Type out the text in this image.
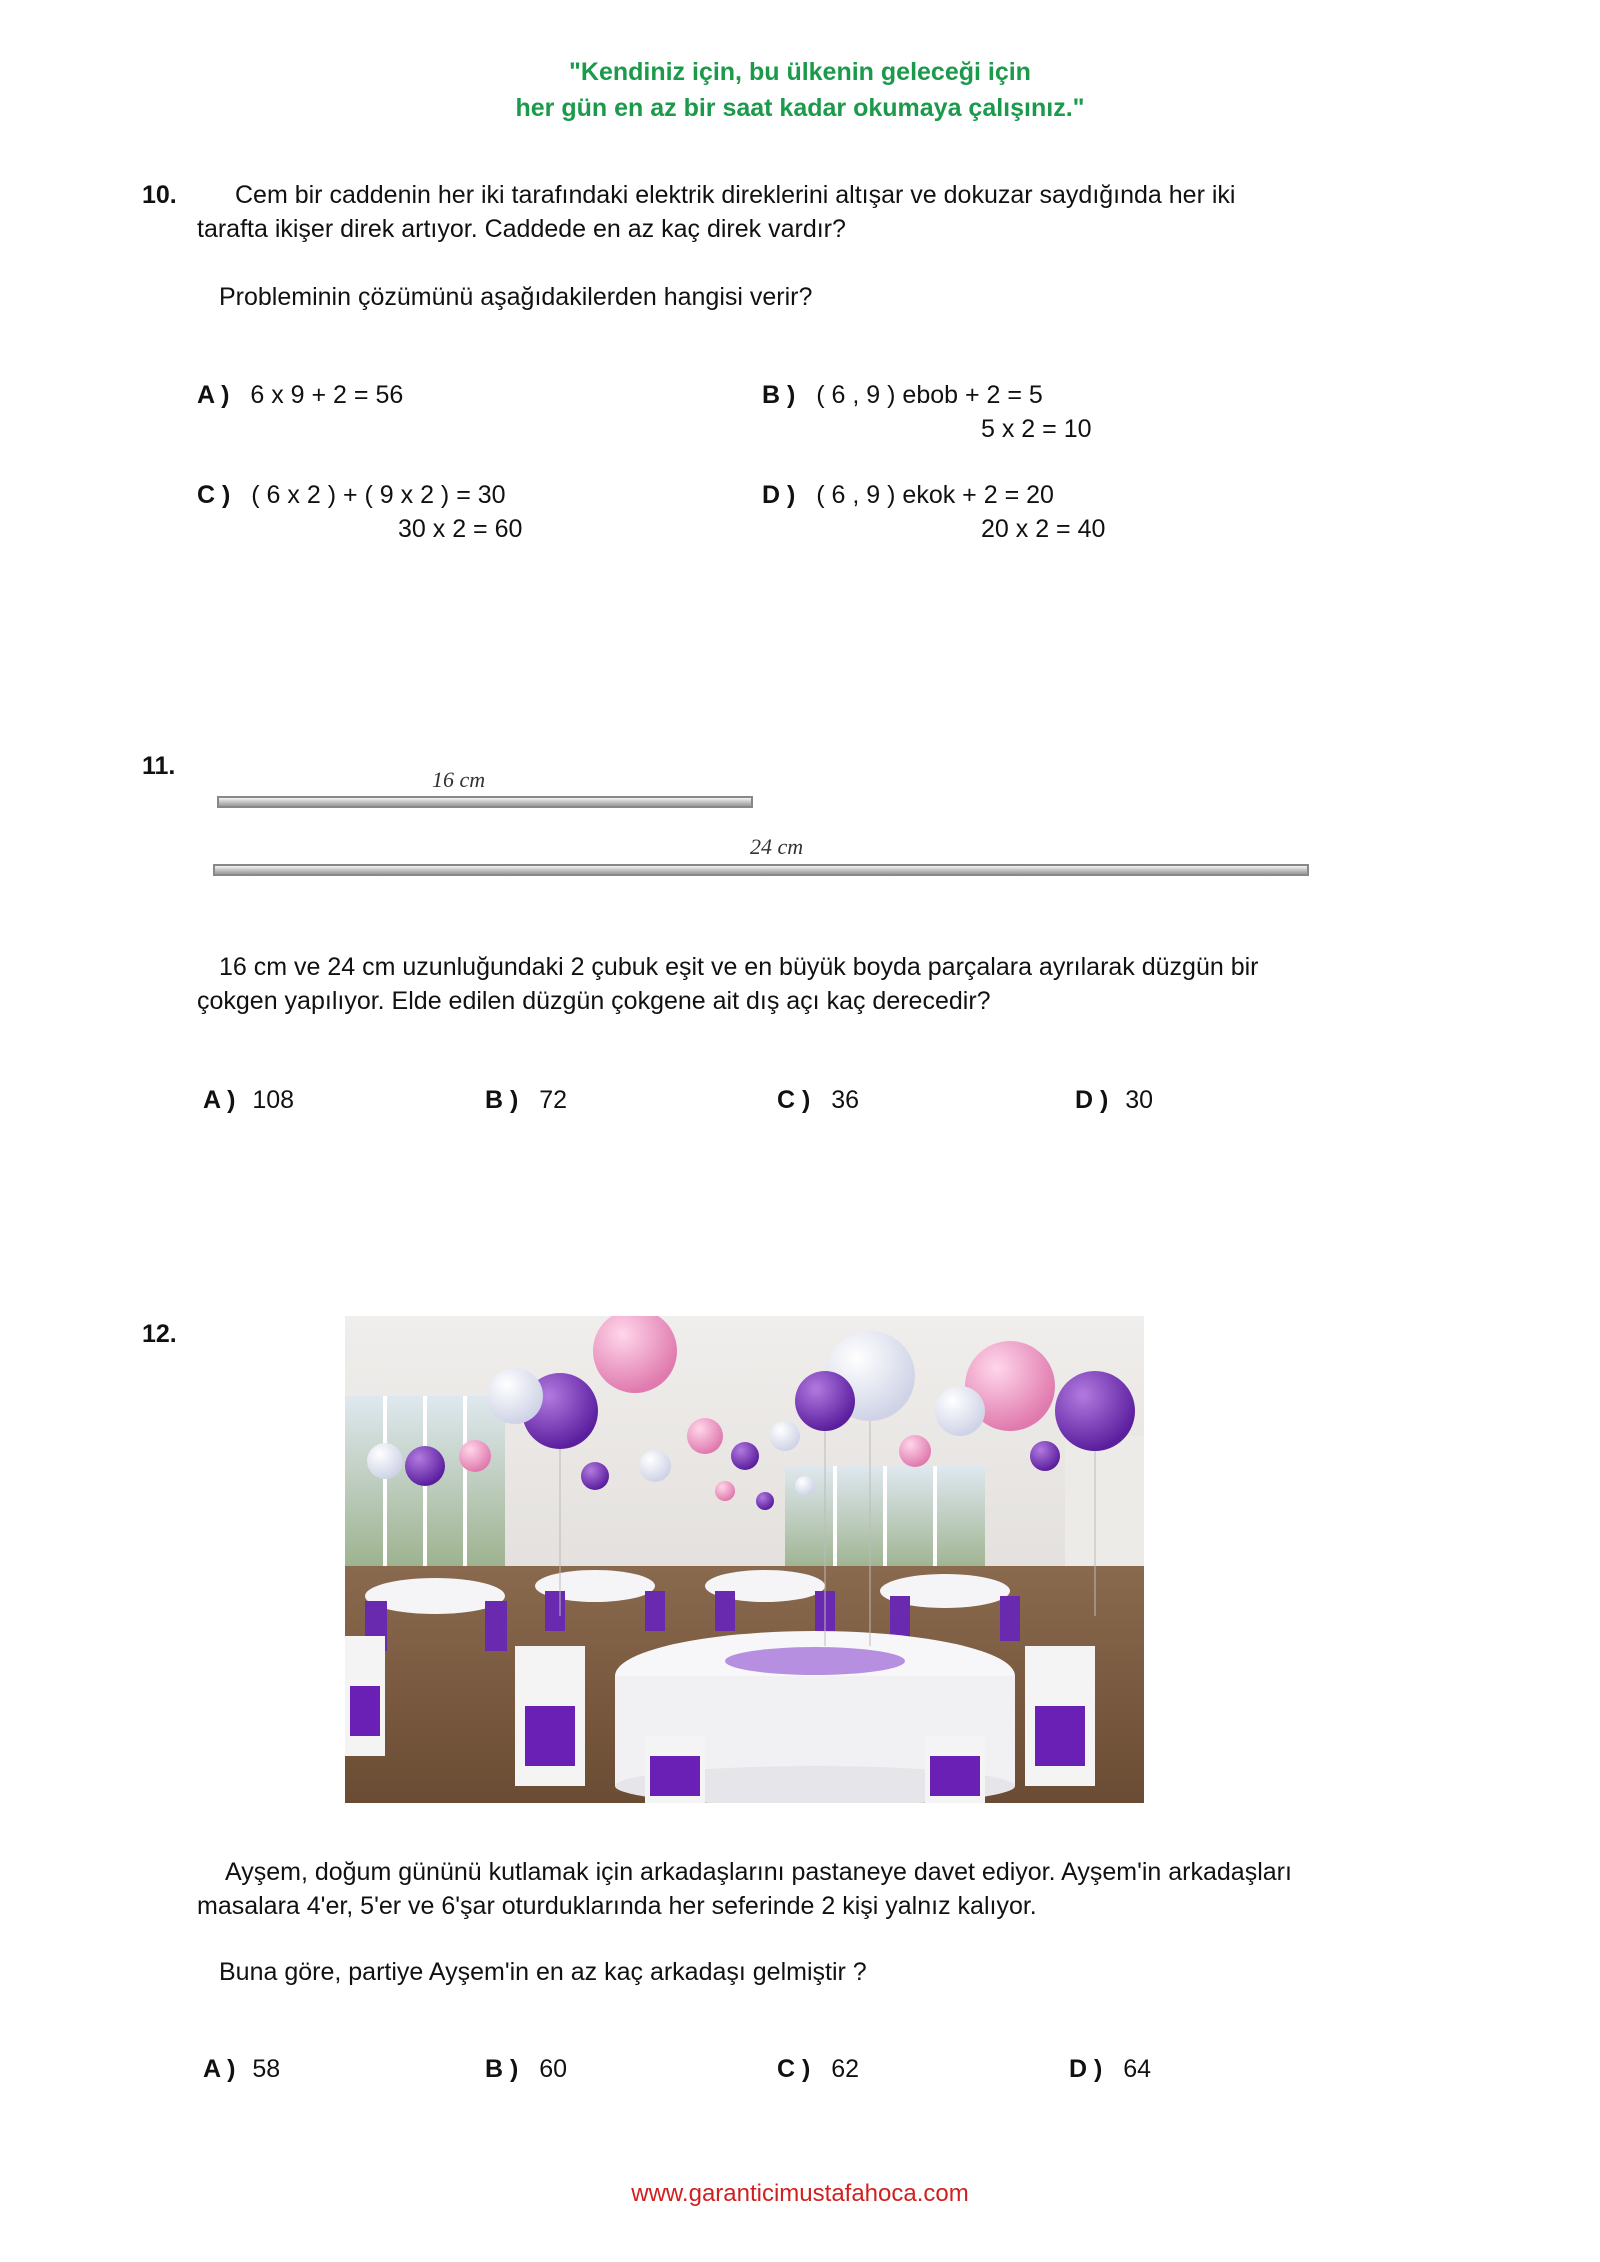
"Kendiniz için, bu ülkenin geleceği için
her gün en az bir saat kadar okumaya çalışınız."
10. Cem bir caddenin her iki tarafındaki elektrik direklerini altışar ve dokuzar saydığında her iki
tarafta ikişer direk artıyor. Caddede en az kaç direk vardır?
Probleminin çözümünü aşağıdakilerden hangisi verir?
A ) 6 x 9 + 2 = 56	B ) ( 6 , 9 ) ebob + 2 = 5
5 x 2 = 10
C ) ( 6 x 2 ) + ( 9 x 2 ) = 30
30 x 2 = 60
D ) ( 6 , 9 ) ekok + 2 = 20
20 x 2 = 40
11.	16 cm
24 cm
16 cm ve 24 cm uzunluğundaki 2 çubuk eşit ve en büyük boyda parçalara ayrılarak düzgün bir
çokgen yapılıyor. Elde edilen düzgün çokgene ait dış açı kaç derecedir?
A ) 108	B ) 72	C ) 36	D ) 30
12.
Ayşem, doğum gününü kutlamak için arkadaşlarını pastaneye davet ediyor. Ayşem'in arkadaşları
masalara 4'er, 5'er ve 6'şar oturduklarında her seferinde 2 kişi yalnız kalıyor.
Buna göre, partiye Ayşem'in en az kaç arkadaşı gelmiştir ?
A ) 58	B ) 60	C ) 62	D ) 64
www.garanticimustafahoca.com
